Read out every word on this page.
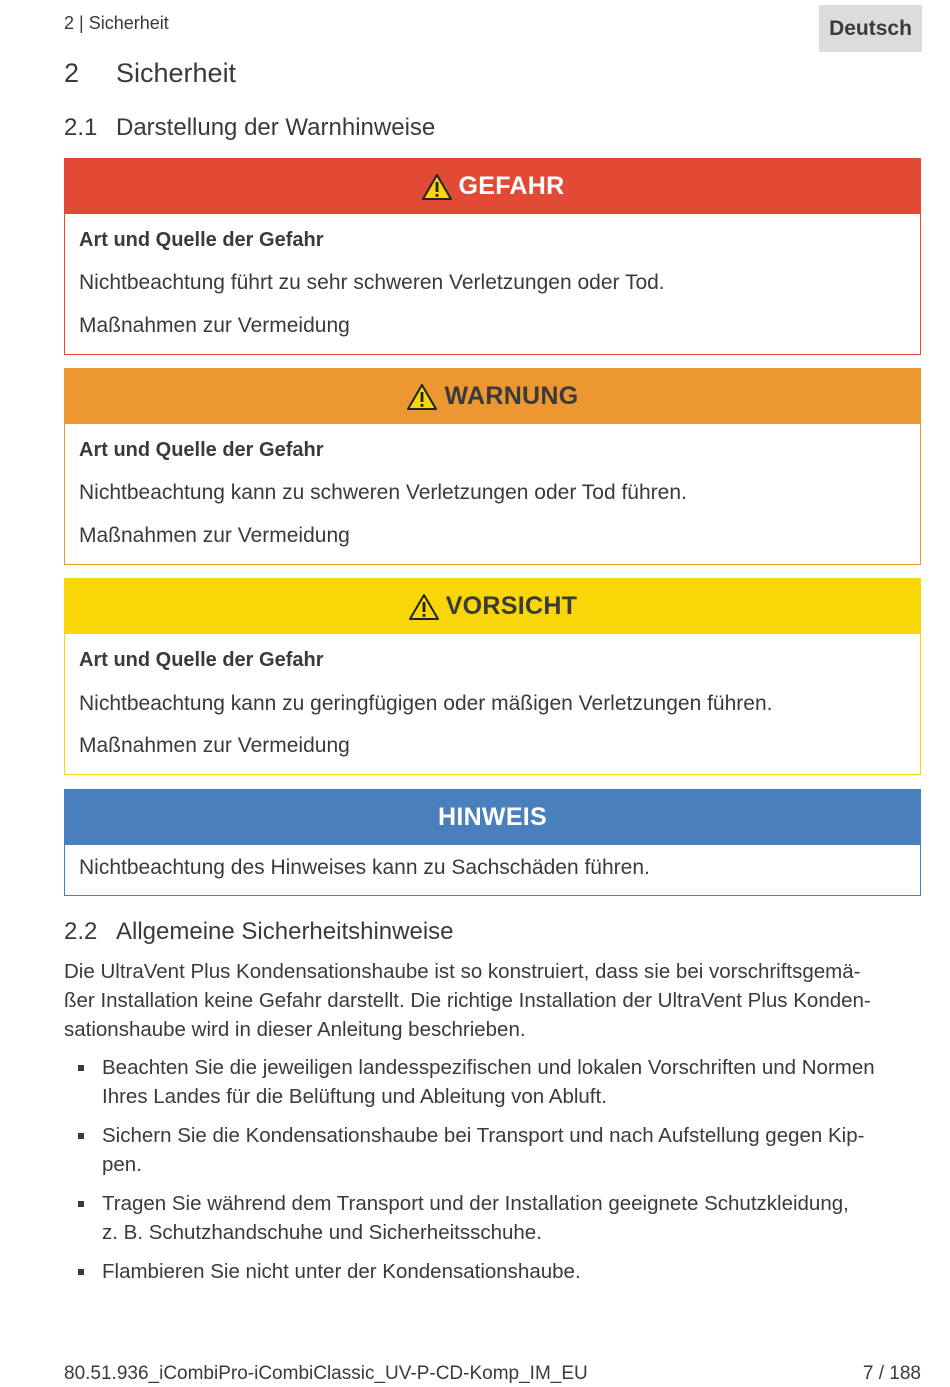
2 | Sicherheit	Deutsch
2 Sicherheit
2.1 Darstellung der Warnhinweise
GEFAHR
Art und Quelle der Gefahr
Nichtbeachtung führt zu sehr schweren Verletzungen oder Tod.
Maßnahmen zur Vermeidung
WARNUNG
Art und Quelle der Gefahr
Nichtbeachtung kann zu schweren Verletzungen oder Tod führen.
Maßnahmen zur Vermeidung
VORSICHT
Art und Quelle der Gefahr
Nichtbeachtung kann zu geringfügigen oder mäßigen Verletzungen führen.
Maßnahmen zur Vermeidung
HINWEIS
Nichtbeachtung des Hinweises kann zu Sachschäden führen.
2.2 Allgemeine Sicherheitshinweise
Die UltraVent Plus Kondensationshaube ist so konstruiert, dass sie bei vorschriftsgemä-
ßer Installation keine Gefahr darstellt. Die richtige Installation der UltraVent Plus Konden-
sationshaube wird in dieser Anleitung beschrieben.
Beachten Sie die jeweiligen landesspezifischen und lokalen Vorschriften und Normen
Ihres Landes für die Belüftung und Ableitung von Abluft.
Sichern Sie die Kondensationshaube bei Transport und nach Aufstellung gegen Kip-
pen.
Tragen Sie während dem Transport und der Installation geeignete Schutzkleidung,
z. B. Schutzhandschuhe und Sicherheitsschuhe.
Flambieren Sie nicht unter der Kondensationshaube.
80.51.936_iCombiPro-iCombiClassic_UV-P-CD-Komp_IM_EU	7 / 188
